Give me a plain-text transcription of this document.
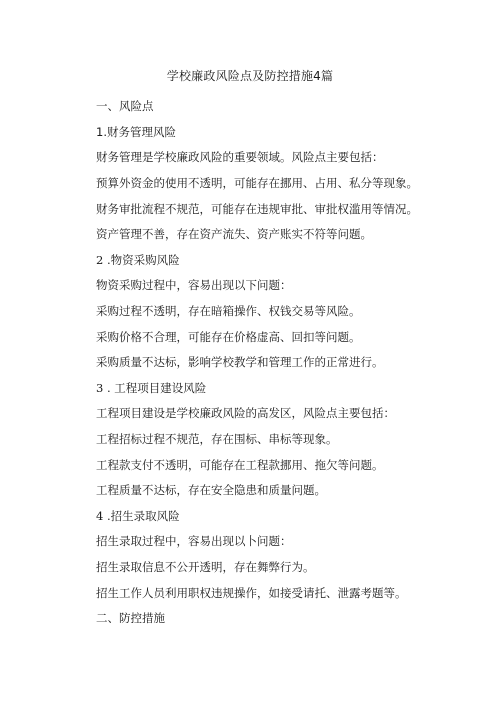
学校廉政风险点及防控措施4篇
一、风险点
1.财务管理风险
财务管理是学校廉政风险的重要领域。风险点主要包括：
预算外资金的使用不透明，可能存在挪用、占用、私分等现象。
财务审批流程不规范，可能存在违规审批、审批权滥用等情况。
资产管理不善，存在资产流失、资产账实不符等问题。
2 .物资采购风险
物资采购过程中，容易出现以下问题：
采购过程不透明，存在暗箱操作、权钱交易等风险。
采购价格不合理，可能存在价格虚高、回扣等问题。
采购质量不达标，影响学校教学和管理工作的正常进行。
3 . 工程项目建设风险
工程项目建设是学校廉政风险的高发区，风险点主要包括：
工程招标过程不规范，存在围标、串标等现象。
工程款支付不透明，可能存在工程款挪用、拖欠等问题。
工程质量不达标，存在安全隐患和质量问题。
4 .招生录取风险
招生录取过程中，容易出现以卜问题：
招生录取信息不公开透明，存在舞弊行为。
招生工作人员利用职权违规操作，如接受请托、泄露考题等。
二、防控措施
